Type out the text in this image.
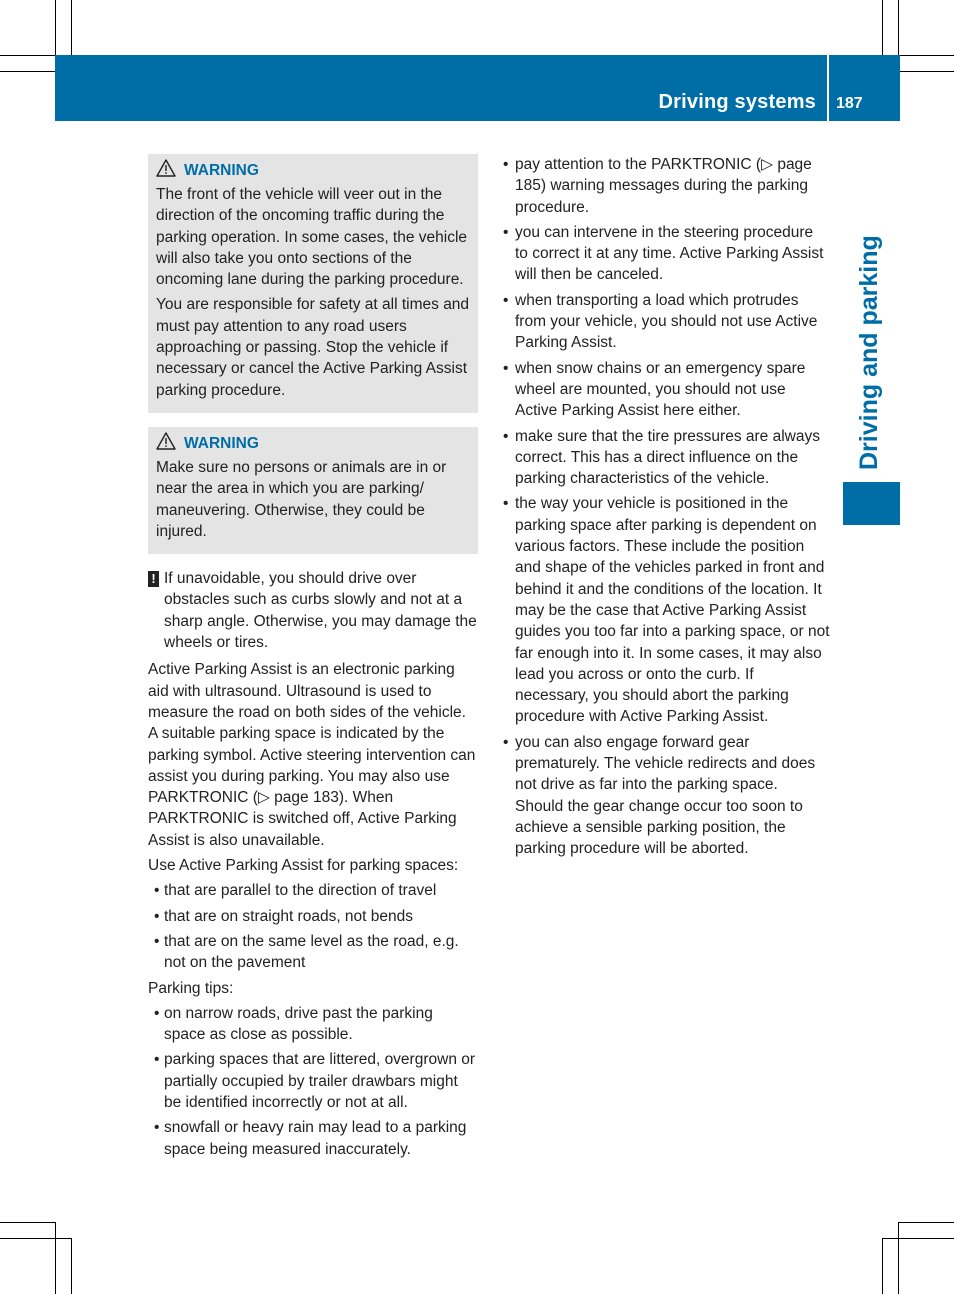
Driving systems 187
Driving and parking
WARNING

The front of the vehicle will veer out in the direction of the oncoming traffic during the parking operation. In some cases, the vehicle will also take you onto sections of the oncoming lane during the parking procedure.

You are responsible for safety at all times and must pay attention to any road users approaching or passing. Stop the vehicle if necessary or cancel the Active Parking Assist parking procedure.

WARNING

Make sure no persons or animals are in or near the area in which you are parking/ maneuvering. Otherwise, they could be injured.

! If unavoidable, you should drive over obstacles such as curbs slowly and not at a sharp angle. Otherwise, you may damage the wheels or tires.

Active Parking Assist is an electronic parking aid with ultrasound. Ultrasound is used to measure the road on both sides of the vehicle. A suitable parking space is indicated by the parking symbol. Active steering intervention can assist you during parking. You may also use PARKTRONIC (▷ page 183). When PARKTRONIC is switched off, Active Parking Assist is also unavailable.

Use Active Parking Assist for parking spaces:

• that are parallel to the direction of travel
• that are on straight roads, not bends
• that are on the same level as the road, e.g. not on the pavement

Parking tips:

• on narrow roads, drive past the parking space as close as possible.
• parking spaces that are littered, overgrown or partially occupied by trailer drawbars might be identified incorrectly or not at all.
• snowfall or heavy rain may lead to a parking space being measured inaccurately.
• pay attention to the PARKTRONIC (▷ page 185) warning messages during the parking procedure.
• you can intervene in the steering procedure to correct it at any time. Active Parking Assist will then be canceled.
• when transporting a load which protrudes from your vehicle, you should not use Active Parking Assist.
• when snow chains or an emergency spare wheel are mounted, you should not use Active Parking Assist here either.
• make sure that the tire pressures are always correct. This has a direct influence on the parking characteristics of the vehicle.
• the way your vehicle is positioned in the parking space after parking is dependent on various factors. These include the position and shape of the vehicles parked in front and behind it and the conditions of the location. It may be the case that Active Parking Assist guides you too far into a parking space, or not far enough into it. In some cases, it may also lead you across or onto the curb. If necessary, you should abort the parking procedure with Active Parking Assist.
• you can also engage forward gear prematurely. The vehicle redirects and does not drive as far into the parking space. Should the gear change occur too soon to achieve a sensible parking position, the parking procedure will be aborted.
